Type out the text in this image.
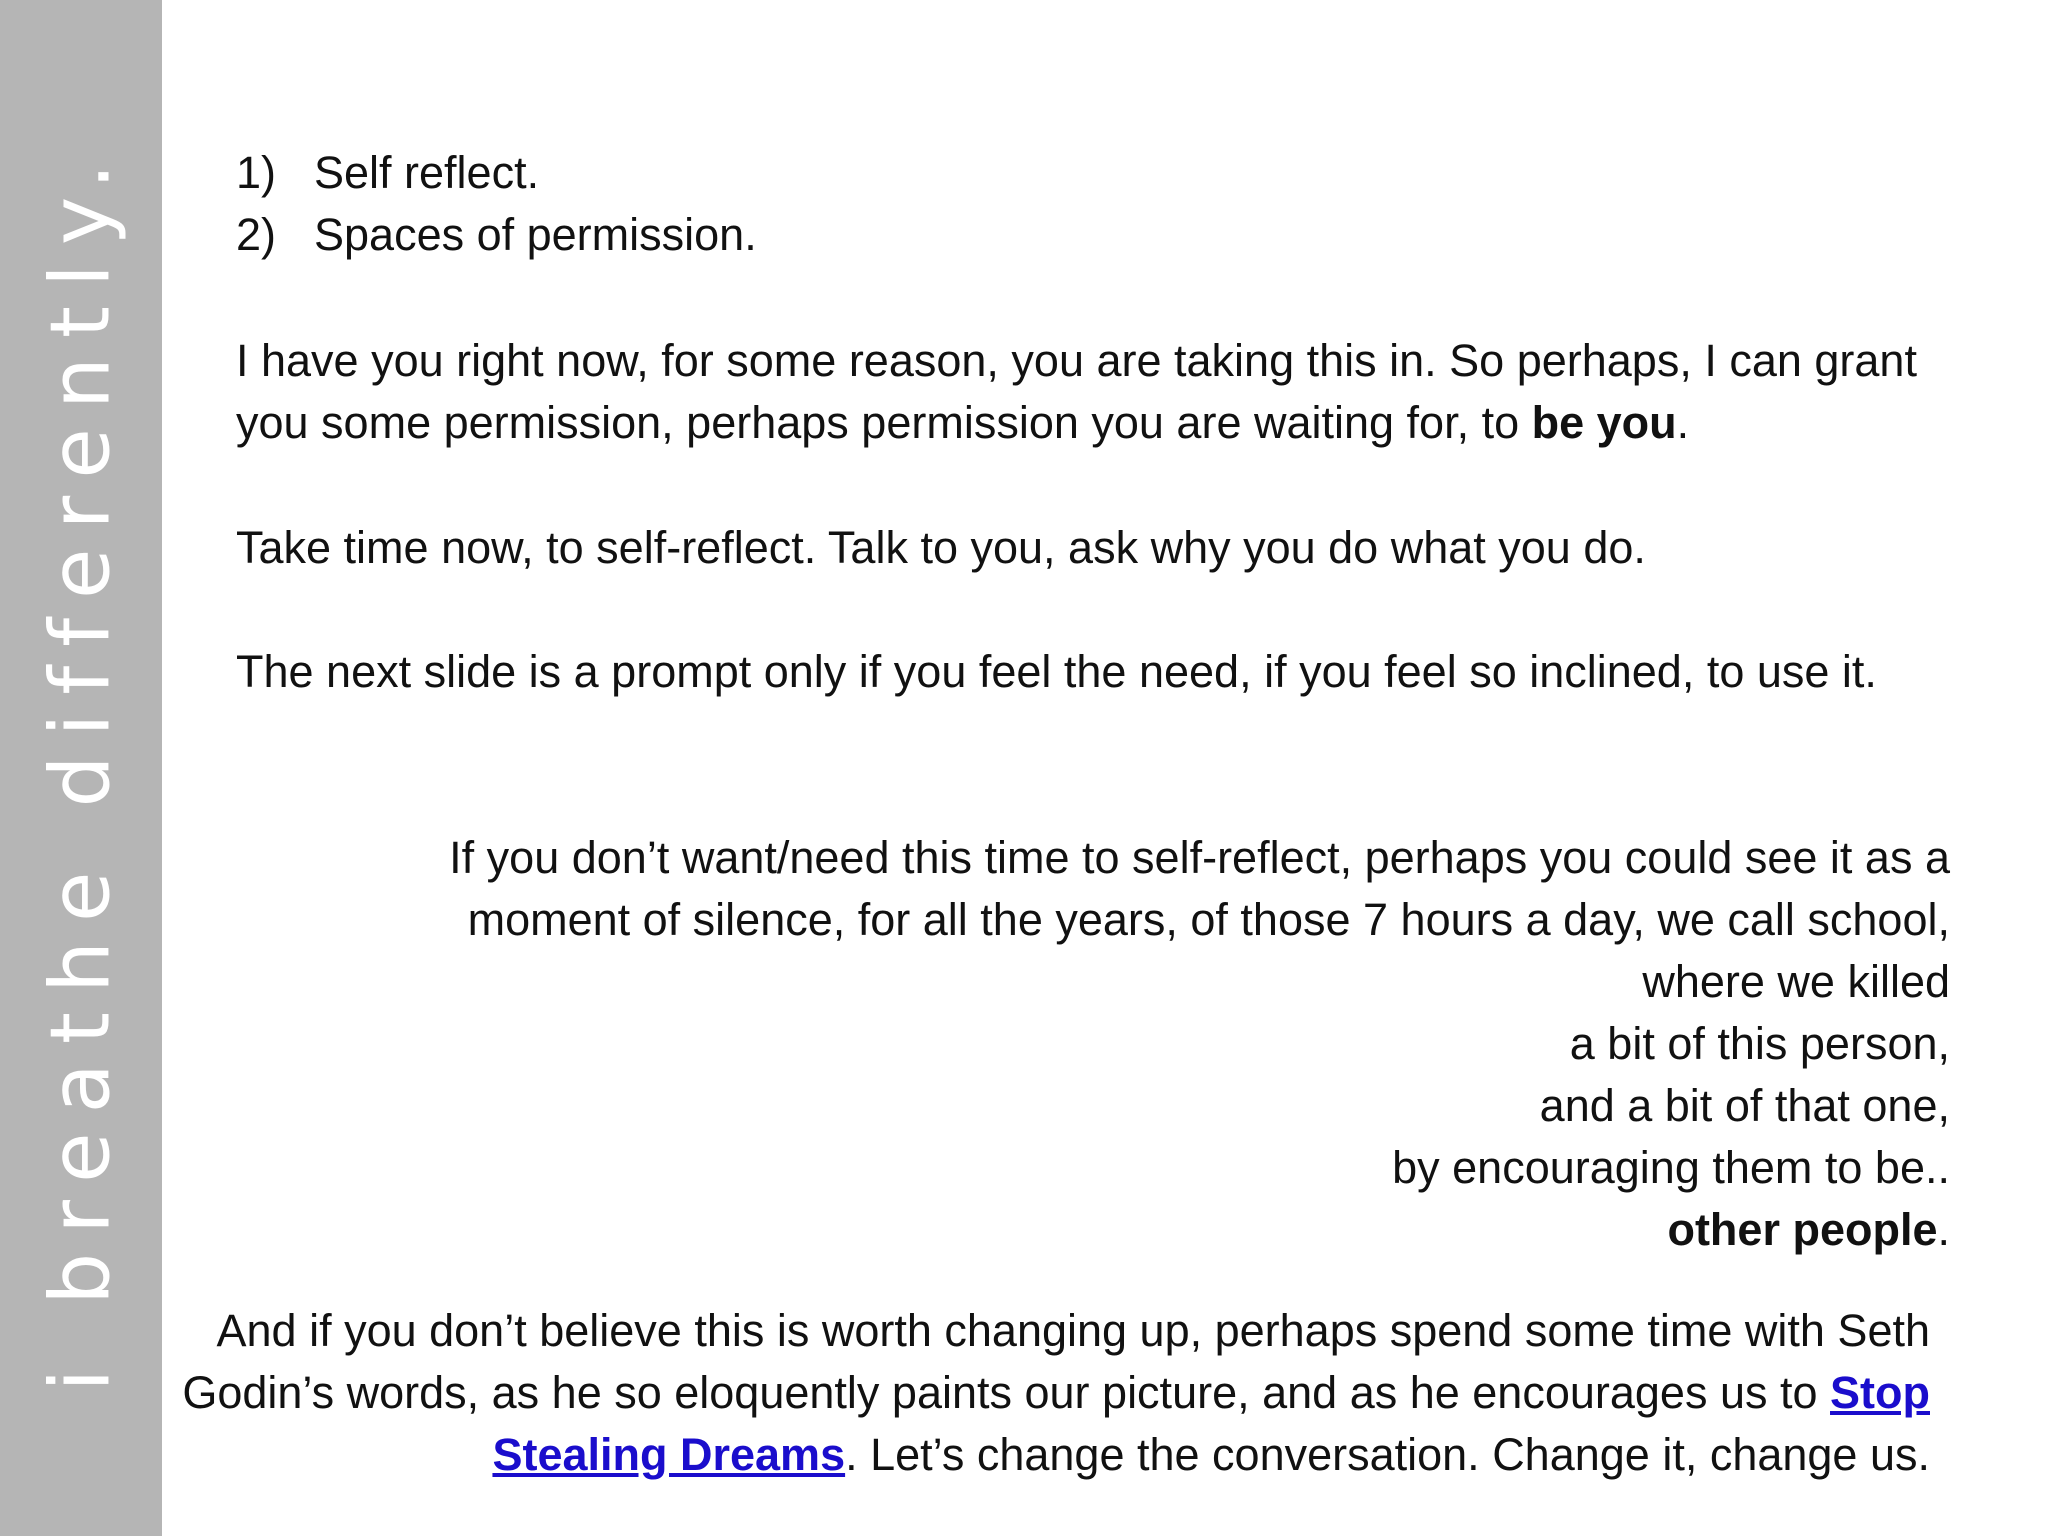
i breathe differently. 1) Self reflect.
2) Spaces of permission.

I have you right now, for some reason, you are taking this in. So perhaps, I can grant you some permission, perhaps permission you are waiting for, to be you.

Take time now, to self-reflect. Talk to you, ask why you do what you do.

The next slide is a prompt only if you feel the need, if you feel so inclined, to use it.

If you don’t want/need this time to self-reflect, perhaps you could see it as a
moment of silence, for all the years, of those 7 hours a day, we call school,
where we killed
a bit of this person,
and a bit of that one,
by encouraging them to be..
other people.

And if you don’t believe this is worth changing up, perhaps spend some time with Seth Godin’s words, as he so eloquently paints our picture, and as he encourages us to Stop Stealing Dreams. Let’s change the conversation. Change it, change us.
